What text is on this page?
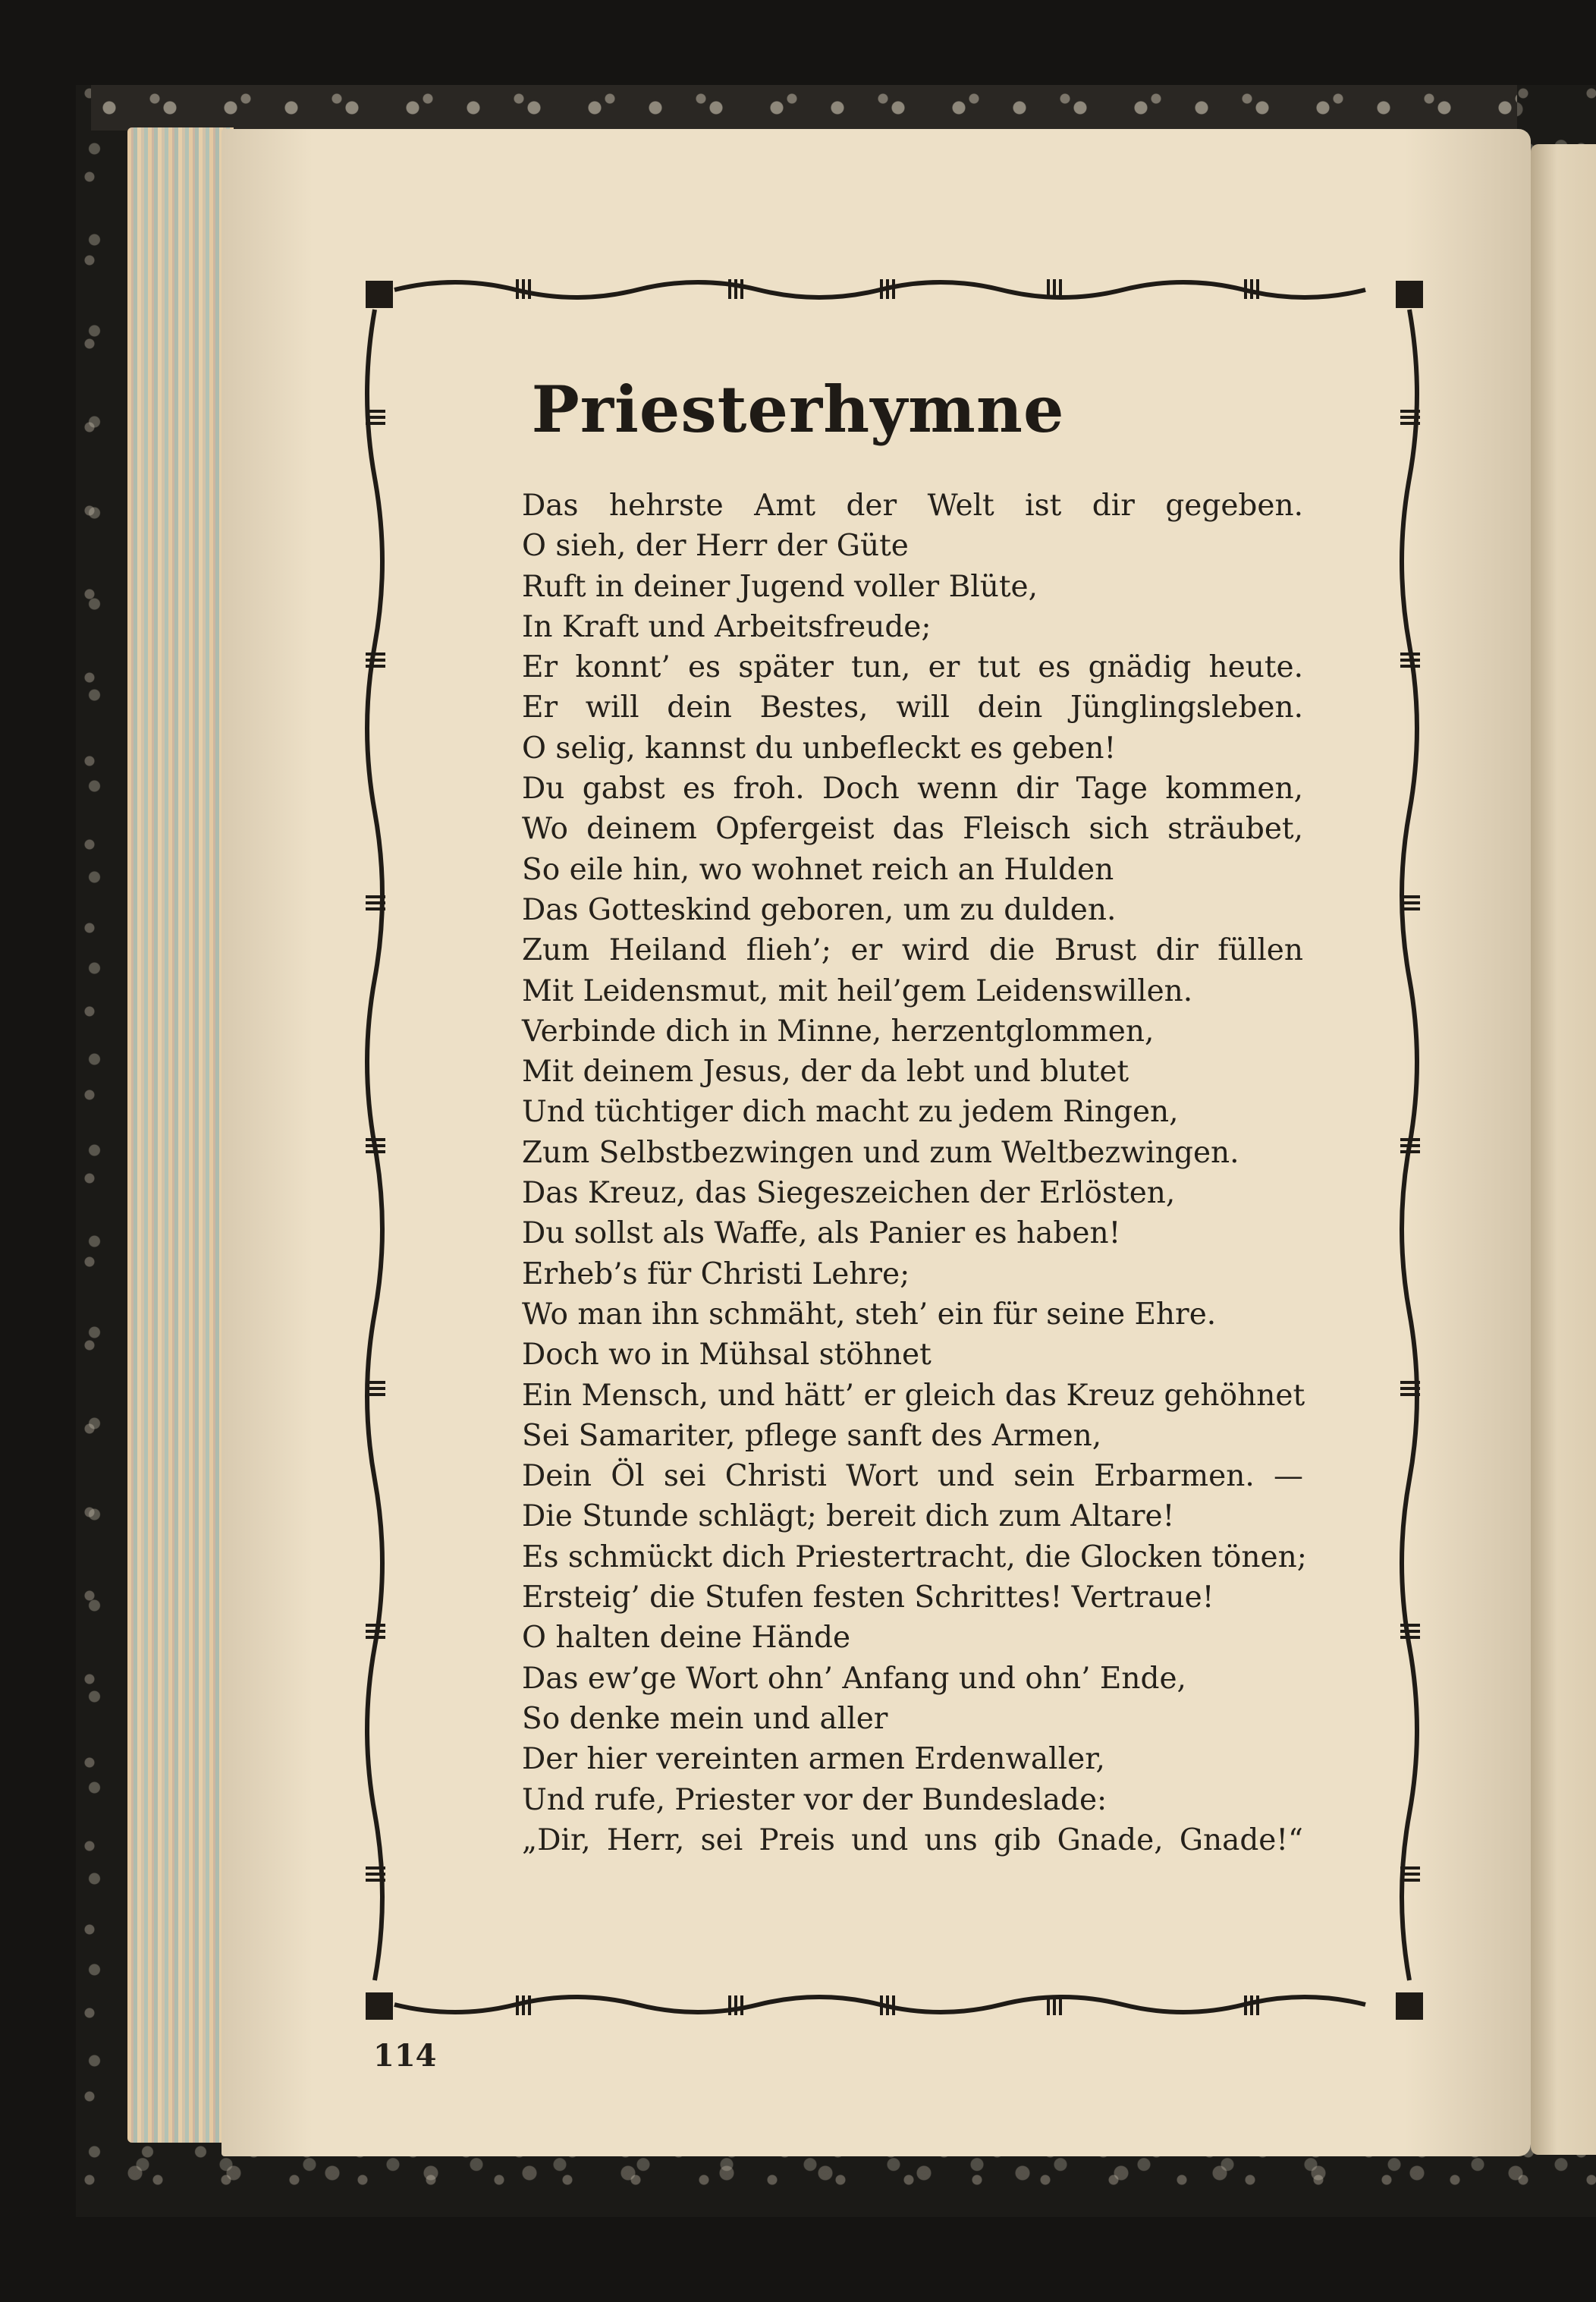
Priesterhymne
Das hehrste Amt der Welt ist dir gegeben.
O sieh, der Herr der Güte
Ruft in deiner Jugend voller Blüte,
In Kraft und Arbeitsfreude;
Er konnt’ es später tun, er tut es gnädig heute.
Er will dein Bestes, will dein Jünglingsleben.
O selig, kannst du unbefleckt es geben!
Du gabst es froh. Doch wenn dir Tage kommen,
Wo deinem Opfergeist das Fleisch sich sträubet,
So eile hin, wo wohnet reich an Hulden
Das Gotteskind geboren, um zu dulden.
Zum Heiland flieh’; er wird die Brust dir füllen
Mit Leidensmut, mit heil’gem Leidenswillen.
Verbinde dich in Minne, herzentglommen,
Mit deinem Jesus, der da lebt und blutet
Und tüchtiger dich macht zu jedem Ringen,
Zum Selbstbezwingen und zum Weltbezwingen.
Das Kreuz, das Siegeszeichen der Erlösten,
Du sollst als Waffe, als Panier es haben!
Erheb’s für Christi Lehre;
Wo man ihn schmäht, steh’ ein für seine Ehre.
Doch wo in Mühsal stöhnet
Ein Mensch, und hätt’ er gleich das Kreuz gehöhnet
Sei Samariter, pflege sanft des Armen,
Dein Öl sei Christi Wort und sein Erbarmen. —
Die Stunde schlägt; bereit dich zum Altare!
Es schmückt dich Priestertracht, die Glocken tönen;
Ersteig’ die Stufen festen Schrittes! Vertraue!
O halten deine Hände
Das ew’ge Wort ohn’ Anfang und ohn’ Ende,
So denke mein und aller
Der hier vereinten armen Erdenwaller,
Und rufe, Priester vor der Bundeslade:
„Dir, Herr, sei Preis und uns gib Gnade, Gnade!“

114
